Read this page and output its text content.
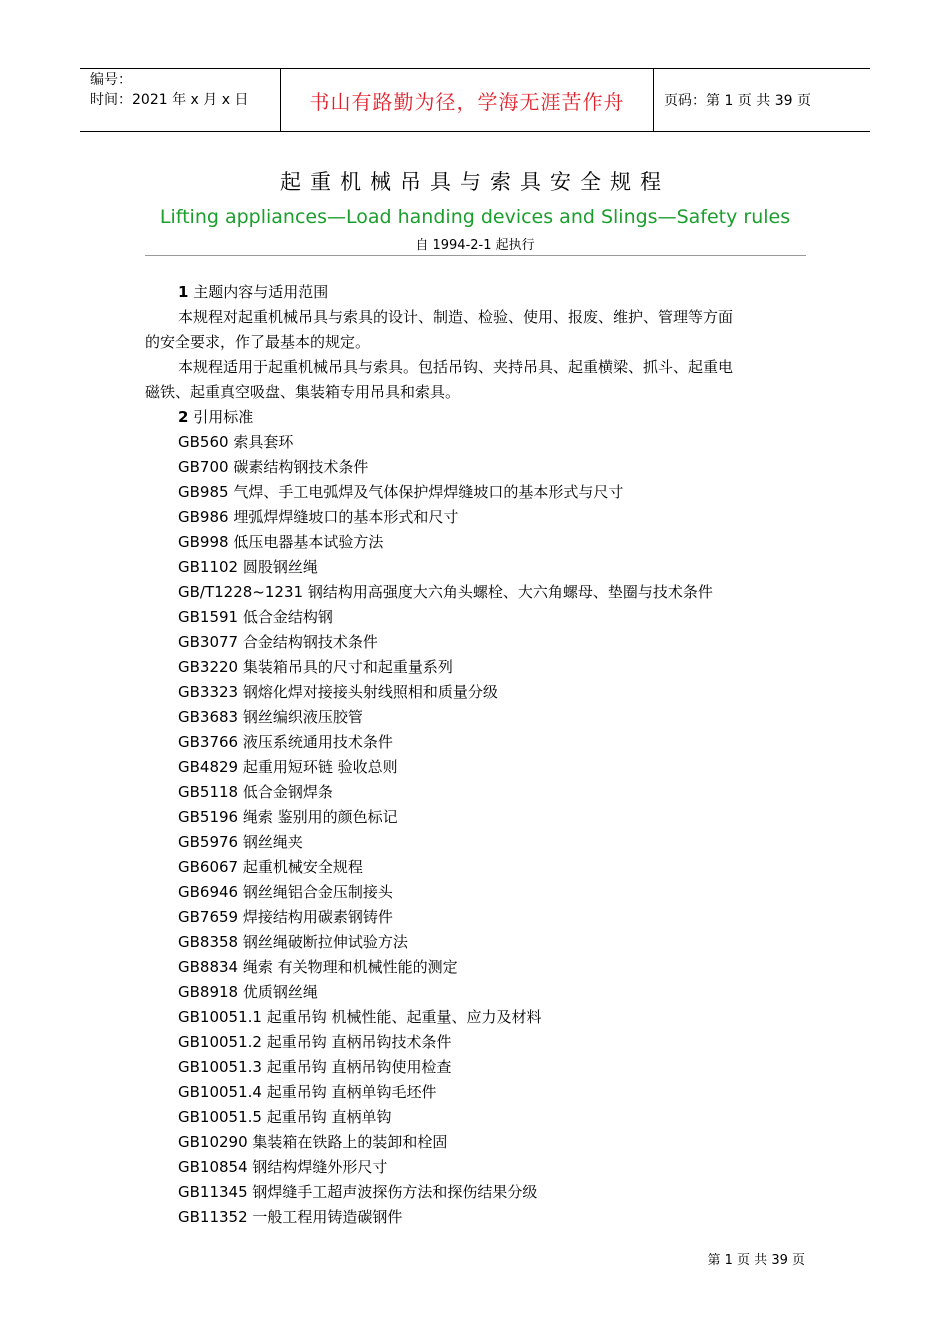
编号：
时间：2021 年 x 月 x 日	书山有路勤为径，学海无涯苦作舟	页码：第 1 页 共 39 页
起重机械吊具与索具安全规程
Lifting appliances—Load handing devices and Slings—Safety rules
自 1994-2-1 起执行

1 主题内容与适用范围

本规程对起重机械吊具与索具的设计、制造、检验、使用、报废、维护、管理等方面

的安全要求，作了最基本的规定。

本规程适用于起重机械吊具与索具。包括吊钩、夹持吊具、起重横梁、抓斗、起重电

磁铁、起重真空吸盘、集装箱专用吊具和索具。

2 引用标准

GB560 索具套环

GB700 碳素结构钢技术条件

GB985 气焊、手工电弧焊及气体保护焊焊缝坡口的基本形式与尺寸

GB986 埋弧焊焊缝坡口的基本形式和尺寸

GB998 低压电器基本试验方法

GB1102 圆股钢丝绳

GB/T1228~1231 钢结构用高强度大六角头螺栓、大六角螺母、垫圈与技术条件

GB1591 低合金结构钢

GB3077 合金结构钢技术条件

GB3220 集装箱吊具的尺寸和起重量系列

GB3323 钢熔化焊对接接头射线照相和质量分级

GB3683 钢丝编织液压胶管

GB3766 液压系统通用技术条件

GB4829 起重用短环链 验收总则

GB5118 低合金钢焊条

GB5196 绳索 鉴别用的颜色标记

GB5976 钢丝绳夹

GB6067 起重机械安全规程

GB6946 钢丝绳铝合金压制接头

GB7659 焊接结构用碳素钢铸件

GB8358 钢丝绳破断拉伸试验方法

GB8834 绳索 有关物理和机械性能的测定

GB8918 优质钢丝绳

GB10051.1 起重吊钩 机械性能、起重量、应力及材料

GB10051.2 起重吊钩 直柄吊钩技术条件

GB10051.3 起重吊钩 直柄吊钩使用检查

GB10051.4 起重吊钩 直柄单钩毛坯件

GB10051.5 起重吊钩 直柄单钩

GB10290 集装箱在铁路上的装卸和栓固

GB10854 钢结构焊缝外形尺寸

GB11345 钢焊缝手工超声波探伤方法和探伤结果分级

GB11352 一般工程用铸造碳钢件

第 1 页 共 39 页
